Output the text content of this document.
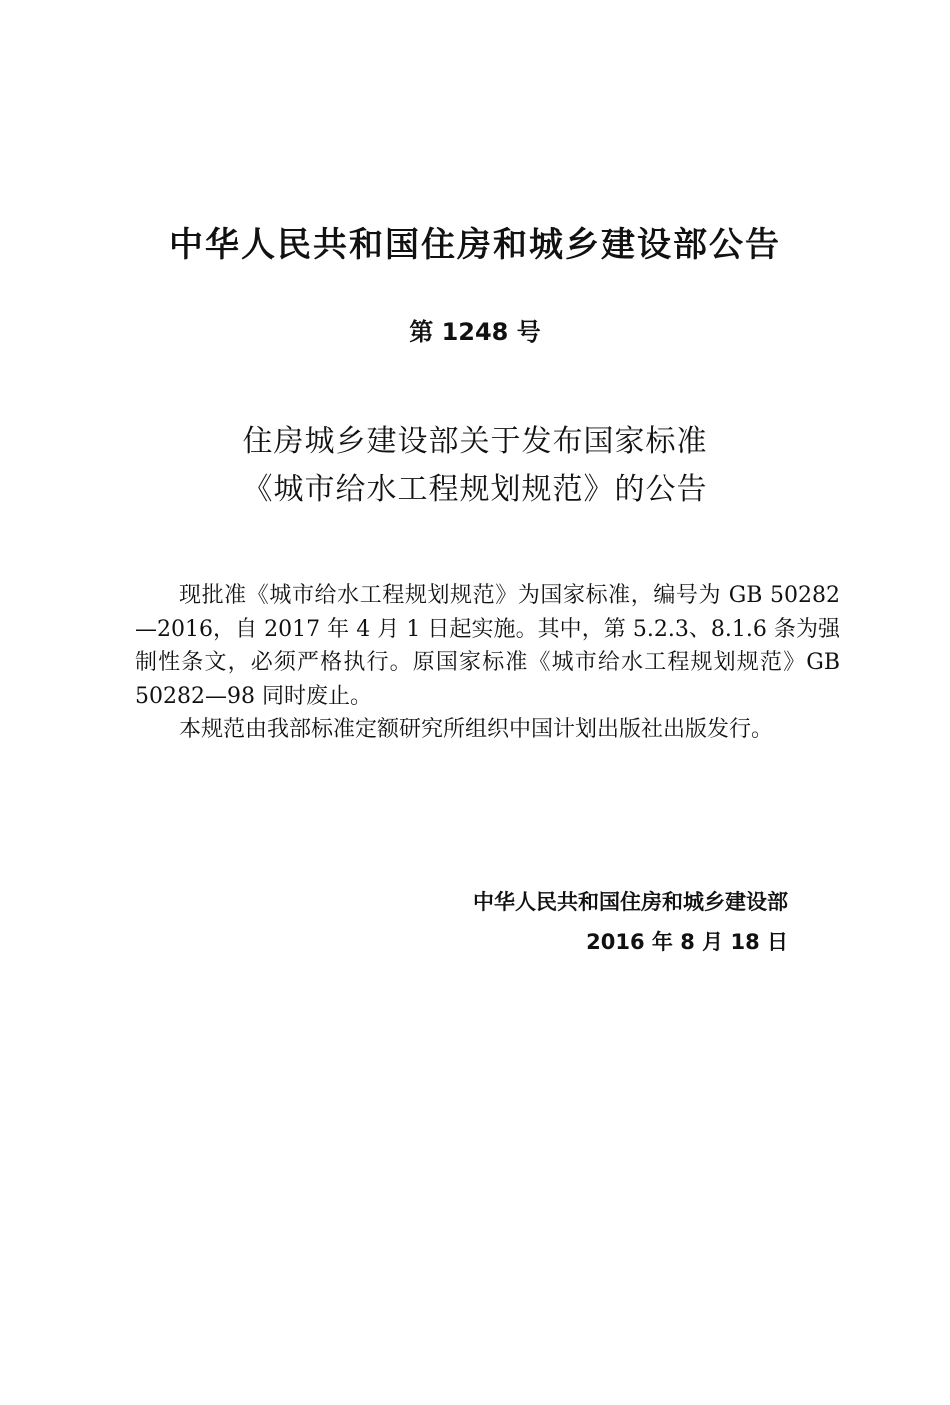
中华人民共和国住房和城乡建设部公告
第 1248 号
住房城乡建设部关于发布国家标准
《城市给水工程规划规范》的公告

现批准《城市给水工程规划规范》为国家标准，编号为 GB 50282—2016，自 2017 年 4 月 1 日起实施。其中，第 5.2.3、8.1.6 条为强制性条文，必须严格执行。原国家标准《城市给水工程规划规范》GB 50282—98 同时废止。

本规范由我部标准定额研究所组织中国计划出版社出版发行。

中华人民共和国住房和城乡建设部
2016 年 8 月 18 日
